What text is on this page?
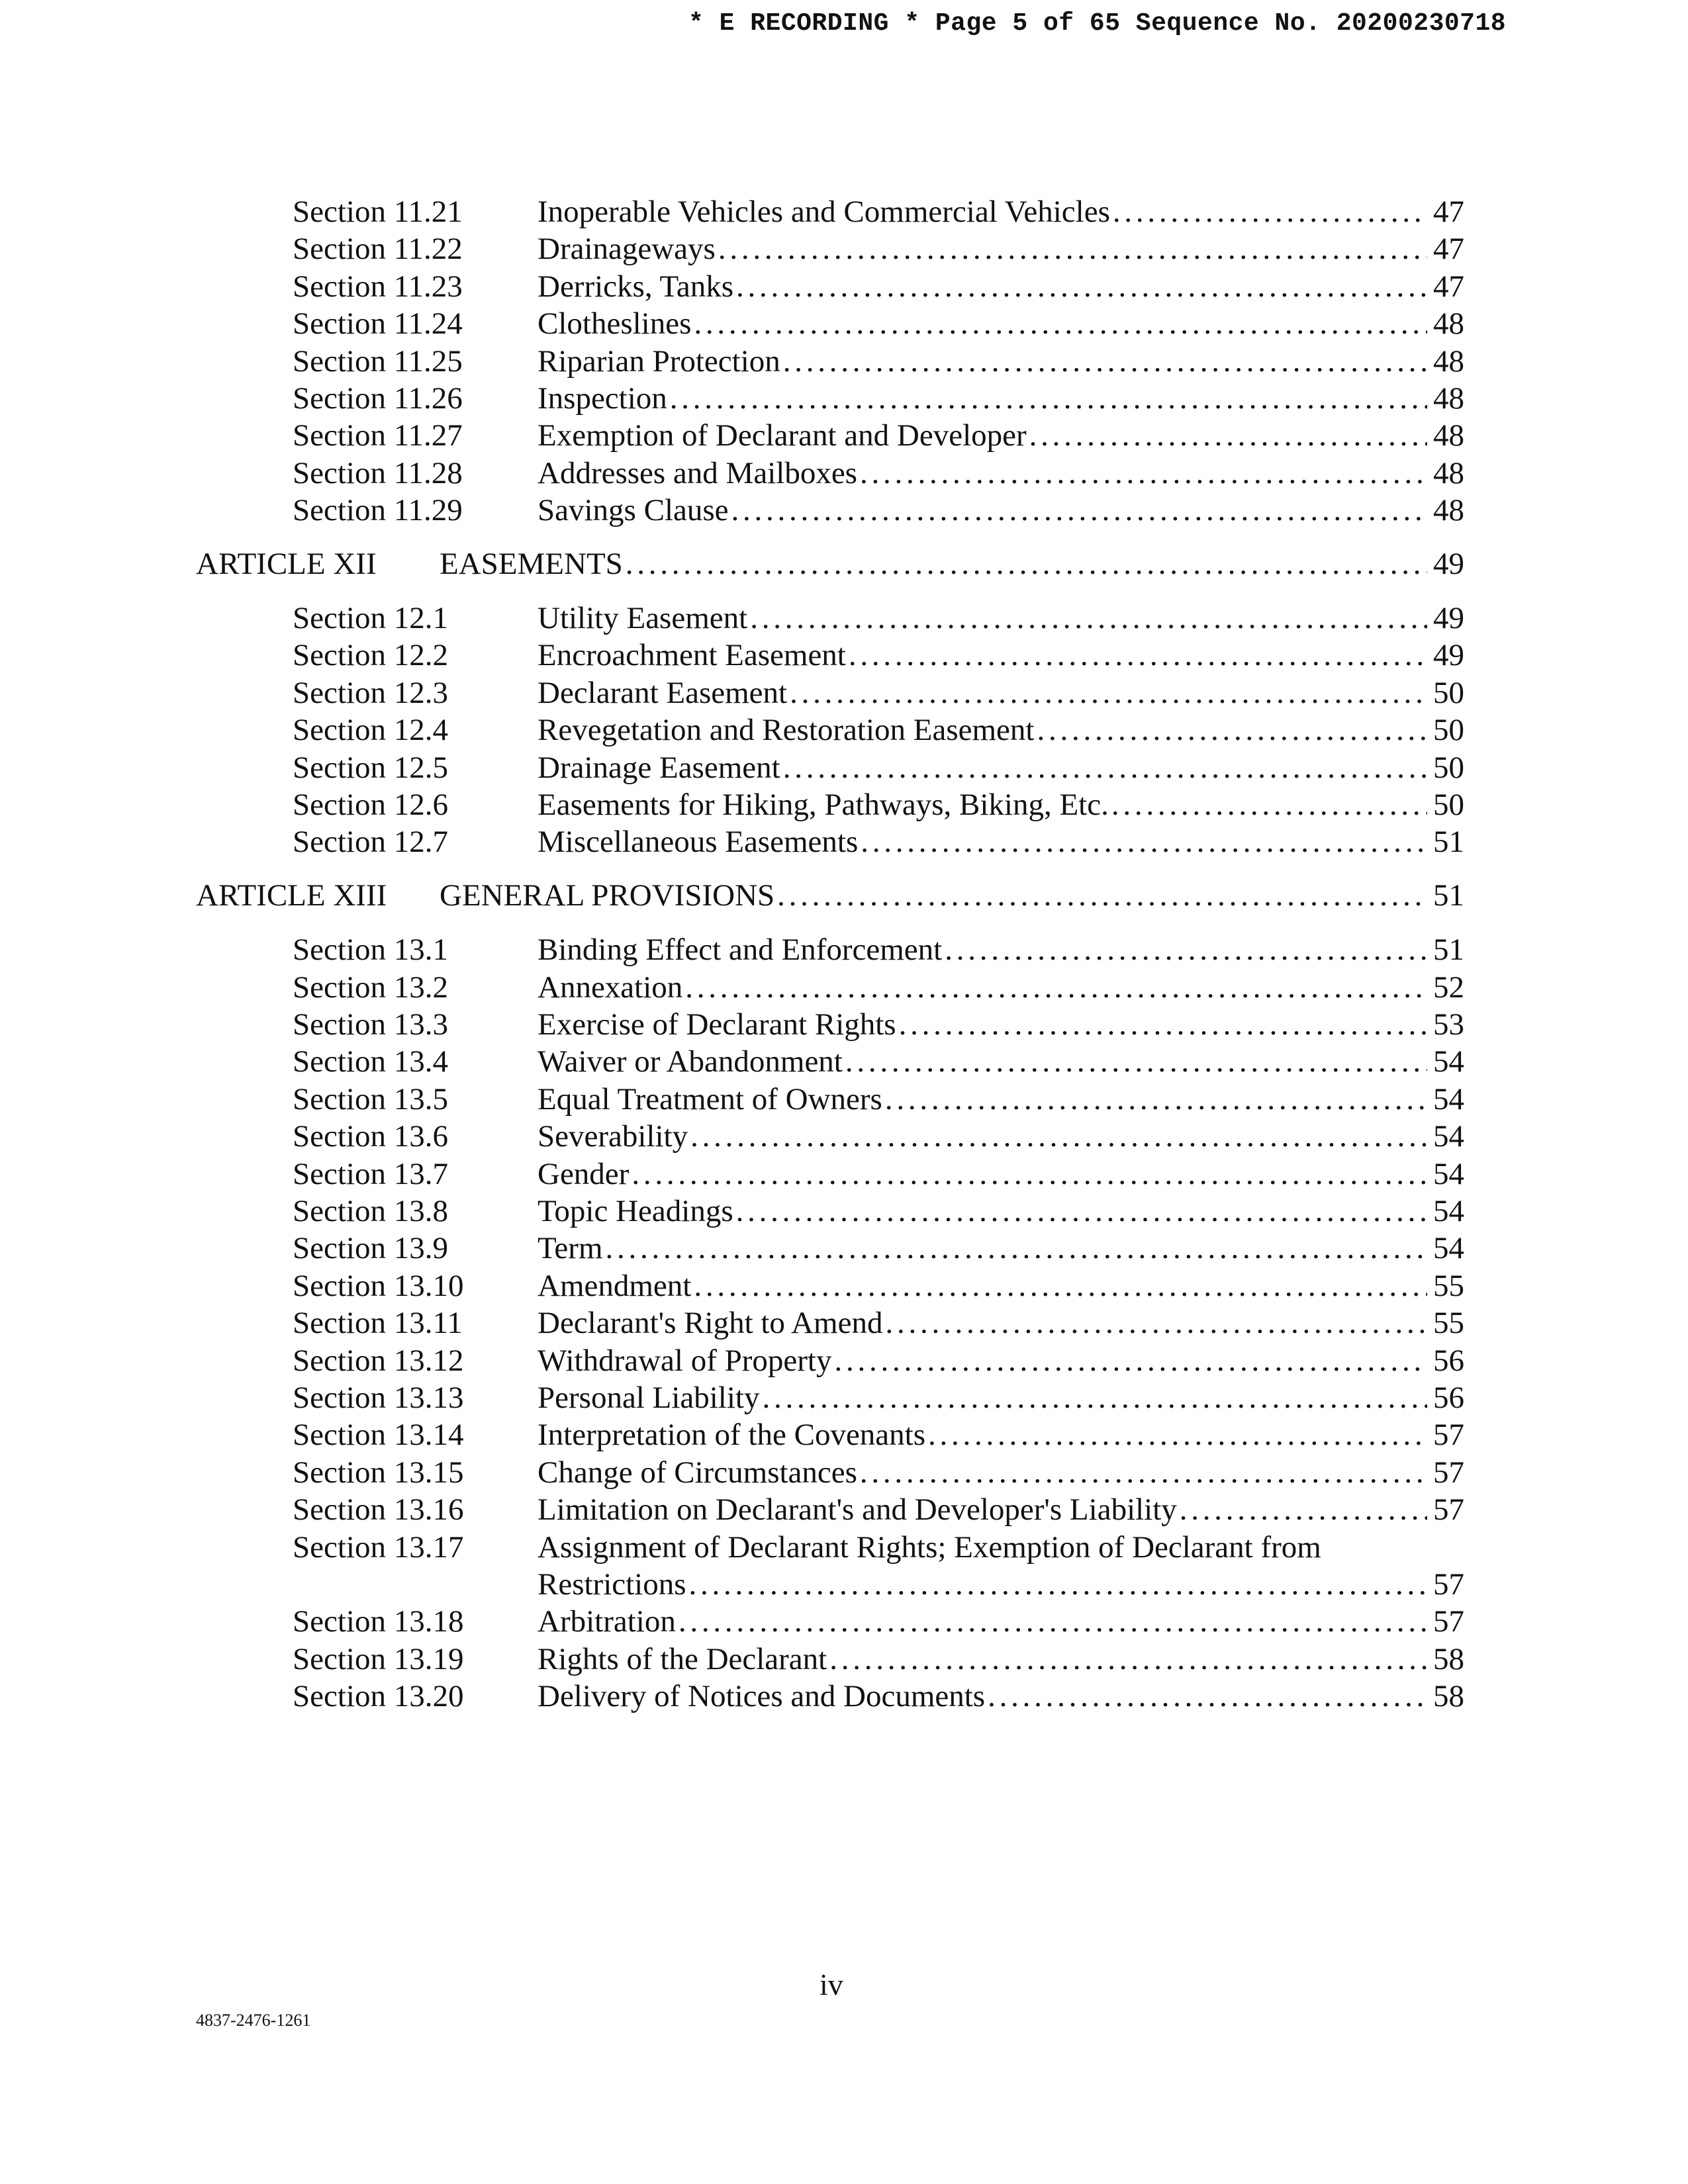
* E RECORDING * Page 5 of 65 Sequence No. 20200230718
Section 11.21 Inoperable Vehicles and Commercial Vehicles . . .	47
Section 11.22 Drainageways . . .	47
Section 11.23 Derricks, Tanks . . .	47
Section 11.24 Clotheslines . . .	48
Section 11.25 Riparian Protection . . .	48
Section 11.26 Inspection . . .	48
Section 11.27 Exemption of Declarant and Developer . . .	48
Section 11.28 Addresses and Mailboxes . . .	48
Section 11.29 Savings Clause . . .	48
ARTICLE XII EASEMENTS . . .	49
Section 12.1	Utility Easement . . .	49
Section 12.2	Encroachment Easement . . .	49
Section 12.3	Declarant Easement . . .	50
Section 12.4	Revegetation and Restoration Easement . . .	50
Section 12.5	Drainage Easement . . .	50
Section 12.6	Easements for Hiking, Pathways, Biking, Etc. . . .	50
Section 12.7	Miscellaneous Easements . . .	51
ARTICLE XIII GENERAL PROVISIONS . . .	51
Section 13.1	Binding Effect and Enforcement . . .	51
Section 13.2	Annexation . . .	52
Section 13.3	Exercise of Declarant Rights . . .	53
Section 13.4	Waiver or Abandonment . . .	54
Section 13.5	Equal Treatment of Owners . . .	54
Section 13.6	Severability . . .	54
Section 13.7	Gender . . .	54
Section 13.8	Topic Headings . . .	54
Section 13.9	Term . . .	54
Section 13.10 Amendment . . .	55
Section 13.11 Declarant's Right to Amend . . .	55
Section 13.12 Withdrawal of Property . . .	56
Section 13.13 Personal Liability . . .	56
Section 13.14 Interpretation of the Covenants . . .	57
Section 13.15 Change of Circumstances . . .	57
Section 13.16 Limitation on Declarant's and Developer's Liability . . .	57
Section 13.17 Assignment of Declarant Rights; Exemption of Declarant from
Restrictions . . .	57
Section 13.18 Arbitration . . .	57
Section 13.19 Rights of the Declarant . . .	58
Section 13.20 Delivery of Notices and Documents . . .	58
iv
4837-2476-1261
